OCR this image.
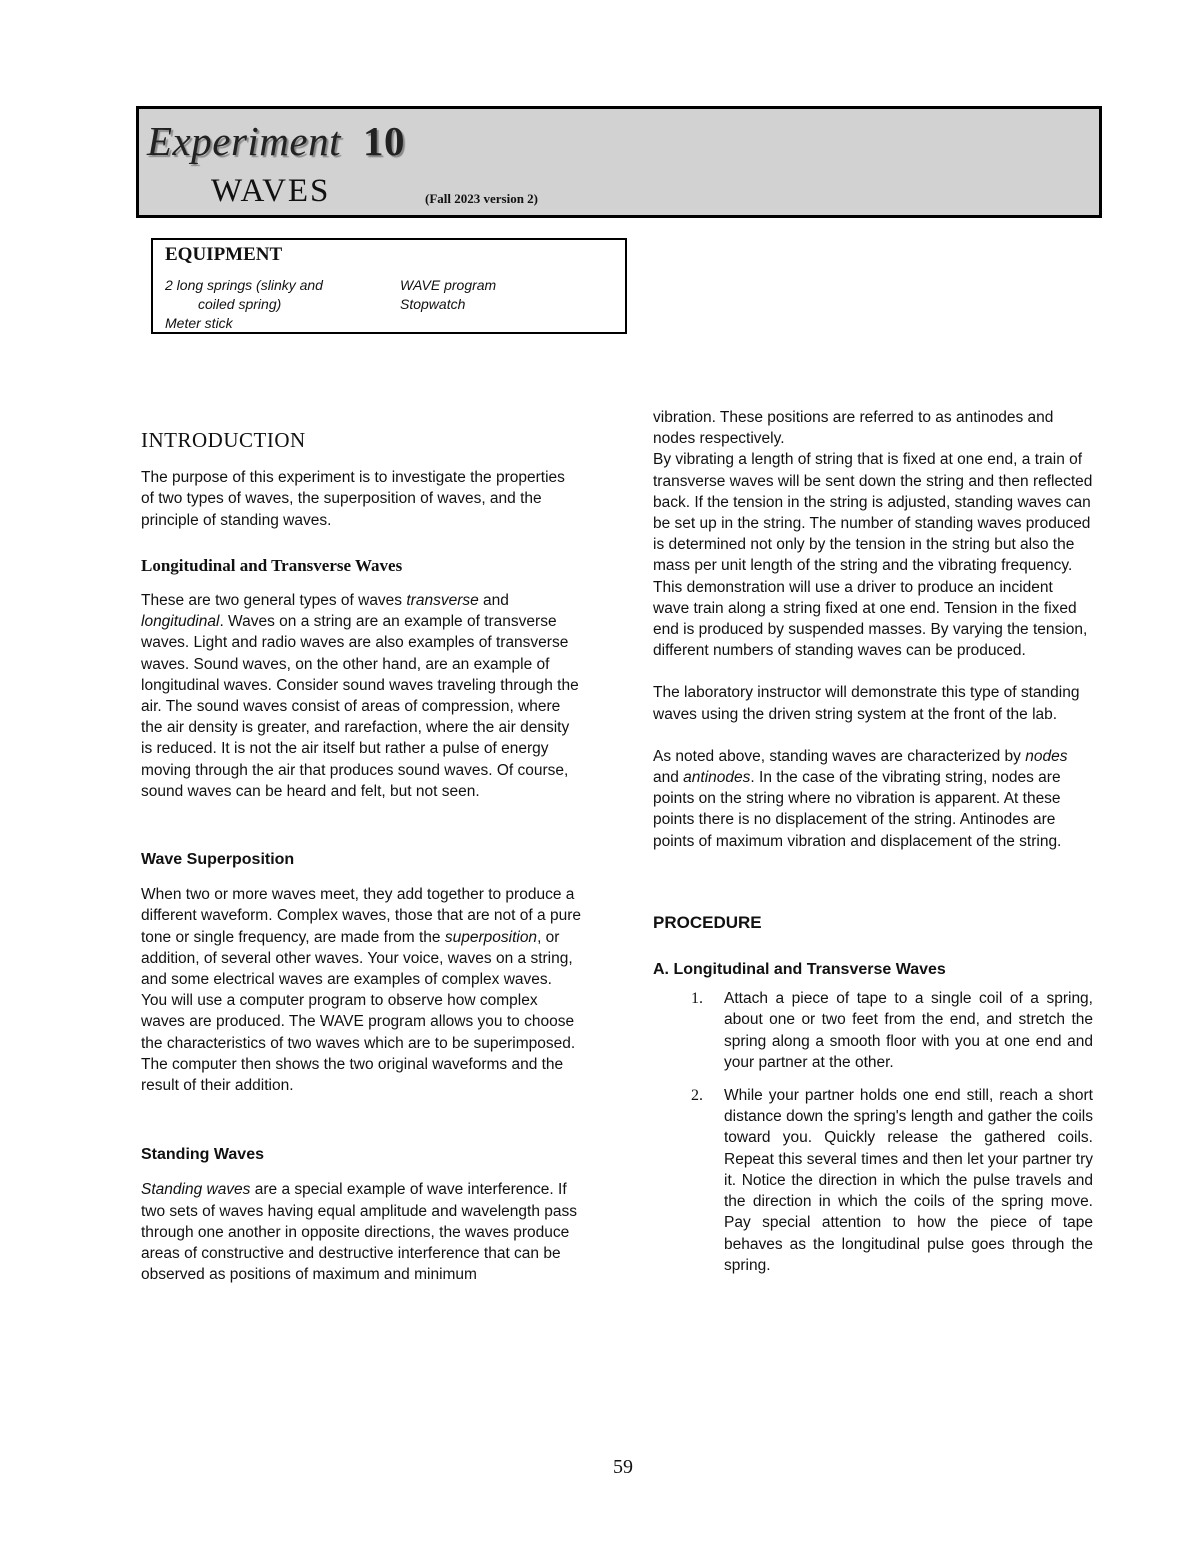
Experiment 10
WAVES	(Fall 2023 version 2)
EQUIPMENT
2 long springs (slinky and
coiled spring)
Meter stick
WAVE program
Stopwatch
INTRODUCTION

The purpose of this experiment is to investigate the properties of two types of waves, the superposition of waves, and the principle of standing waves.

Longitudinal and Transverse Waves

These are two general types of waves transverse and longitudinal. Waves on a string are an example of transverse waves. Light and radio waves are also examples of transverse waves. Sound waves, on the other hand, are an example of longitudinal waves. Consider sound waves traveling through the air. The sound waves consist of areas of compression, where the air density is greater, and rarefaction, where the air density is reduced. It is not the air itself but rather a pulse of energy moving through the air that produces sound waves. Of course, sound waves can be heard and felt, but not seen.

Wave Superposition

When two or more waves meet, they add together to produce a different waveform. Complex waves, those that are not of a pure tone or single frequency, are made from the superposition, or addition, of several other waves. Your voice, waves on a string, and some electrical waves are examples of complex waves. You will use a computer program to observe how complex waves are produced. The WAVE program allows you to choose the characteristics of two waves which are to be superimposed. The computer then shows the two original waveforms and the result of their addition.

Standing Waves

Standing waves are a special example of wave interference. If two sets of waves having equal amplitude and wavelength pass through one another in opposite directions, the waves produce areas of constructive and destructive interference that can be observed as positions of maximum and minimum

vibration. These positions are referred to as antinodes and nodes respectively.

By vibrating a length of string that is fixed at one end, a train of transverse waves will be sent down the string and then reflected back. If the tension in the string is adjusted, standing waves can be set up in the string. The number of standing waves produced is determined not only by the tension in the string but also the mass per unit length of the string and the vibrating frequency. This demonstration will use a driver to produce an incident wave train along a string fixed at one end. Tension in the fixed end is produced by suspended masses. By varying the tension, different numbers of standing waves can be produced.

The laboratory instructor will demonstrate this type of standing waves using the driven string system at the front of the lab.

As noted above, standing waves are characterized by nodes and antinodes. In the case of the vibrating string, nodes are points on the string where no vibration is apparent. At these points there is no displacement of the string. Antinodes are points of maximum vibration and displacement of the string.

PROCEDURE
A. Longitudinal and Transverse Waves
1. Attach a piece of tape to a single coil of a spring, about one or two feet from the end, and stretch the spring along a smooth floor with you at one end and your partner at the other.
2. While your partner holds one end still, reach a short distance down the spring's length and gather the coils toward you. Quickly release the gathered coils. Repeat this several times and then let your partner try it. Notice the direction in which the pulse travels and the direction in which the coils of the spring move. Pay special attention to how the piece of tape behaves as the longitudinal pulse goes through the spring.
59
